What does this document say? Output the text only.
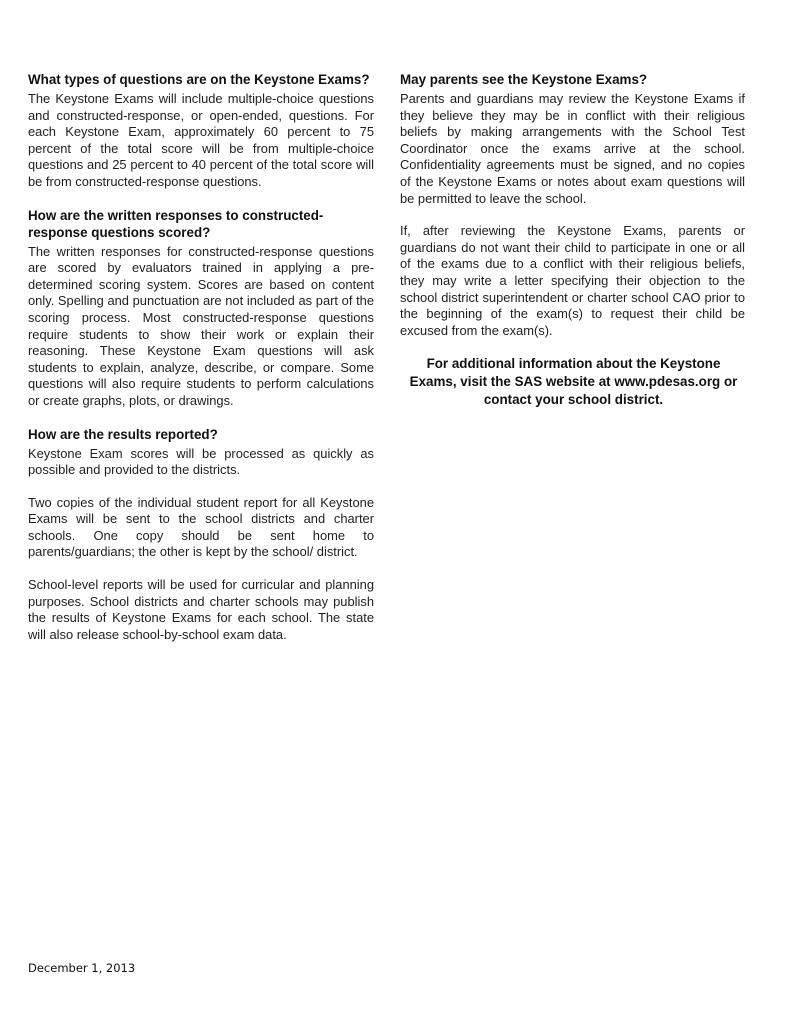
What types of questions are on the Keystone Exams?

The Keystone Exams will include multiple-choice questions and constructed-response, or open-ended, questions. For each Keystone Exam, approximately 60 percent to 75 percent of the total score will be from multiple-choice questions and 25 percent to 40 percent of the total score will be from constructed-response questions.

How are the written responses to constructed-response questions scored?

The written responses for constructed-response questions are scored by evaluators trained in applying a pre-determined scoring system. Scores are based on content only. Spelling and punctuation are not included as part of the scoring process. Most constructed-response questions require students to show their work or explain their reasoning. These Keystone Exam questions will ask students to explain, analyze, describe, or compare. Some questions will also require students to perform calculations or create graphs, plots, or drawings.

How are the results reported?

Keystone Exam scores will be processed as quickly as possible and provided to the districts.

Two copies of the individual student report for all Keystone Exams will be sent to the school districts and charter schools. One copy should be sent home to parents/guardians; the other is kept by the school/ district.

School-level reports will be used for curricular and planning purposes. School districts and charter schools may publish the results of Keystone Exams for each school. The state will also release school-by-school exam data.

May parents see the Keystone Exams?

Parents and guardians may review the Keystone Exams if they believe they may be in conflict with their religious beliefs by making arrangements with the School Test Coordinator once the exams arrive at the school. Confidentiality agreements must be signed, and no copies of the Keystone Exams or notes about exam questions will be permitted to leave the school.

If, after reviewing the Keystone Exams, parents or guardians do not want their child to participate in one or all of the exams due to a conflict with their religious beliefs, they may write a letter specifying their objection to the school district superintendent or charter school CAO prior to the beginning of the exam(s) to request their child be excused from the exam(s).

For additional information about the Keystone Exams, visit the SAS website at www.pdesas.org or contact your school district.
December 1, 2013
